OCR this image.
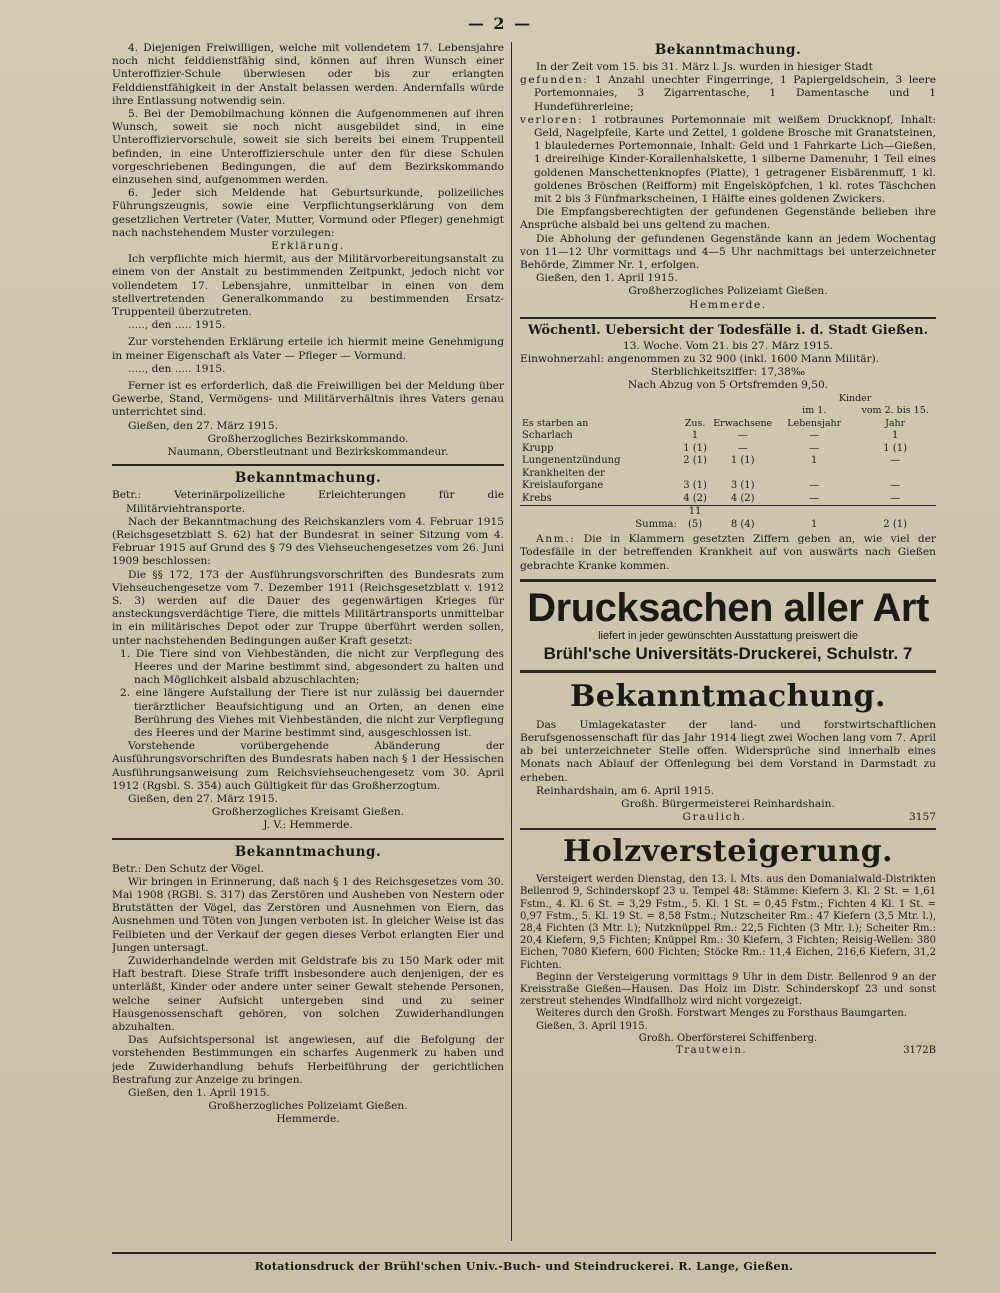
— 2 —

4. Diejenigen Freiwilligen, welche mit vollendetem 17. Lebensjahre noch nicht felddienstfähig sind, können auf ihren Wunsch einer Unteroffizier-Schule überwiesen oder bis zur erlangten Felddienstfähigkeit in der Anstalt belassen werden. Andernfalls würde ihre Entlassung notwendig sein.

5. Bei der Demobilmachung können die Aufgenommenen auf ihren Wunsch, soweit sie noch nicht ausgebildet sind, in eine Unteroffiziervorschule, soweit sie sich bereits bei einem Truppenteil befinden, in eine Unteroffizierschule unter den für diese Schulen vorgeschriebenen Bedingungen, die auf dem Bezirkskommando einzusehen sind, aufgenommen werden.

6. Jeder sich Meldende hat Geburtsurkunde, polizeiliches Führungszeugnis, sowie eine Verpflichtungserklärung von dem gesetzlichen Vertreter (Vater, Mutter, Vormund oder Pfleger) genehmigt nach nachstehendem Muster vorzulegen:

Erklärung.

Ich verpflichte mich hiermit, aus der Militärvorbereitungsanstalt zu einem von der Anstalt zu bestimmenden Zeitpunkt, jedoch nicht vor vollendetem 17. Lebensjahre, unmittelbar in einen von dem stellvertretenden Generalkommando zu bestimmenden Ersatz-Truppenteil überzutreten.

....., den ..... 1915.

Zur vorstehenden Erklärung erteile ich hiermit meine Genehmigung in meiner Eigenschaft als Vater — Pfleger — Vormund.

....., den ..... 1915.

Ferner ist es erforderlich, daß die Freiwilligen bei der Meldung über Gewerbe, Stand, Vermögens- und Militärverhältnis ihres Vaters genau unterrichtet sind.

Gießen, den 27. März 1915.

Großherzogliches Bezirkskommando.

Naumann, Oberstleutnant und Bezirkskommandeur.

Bekanntmachung.

Betr.: Veterinärpolizeiliche Erleichterungen für die Militärviehtransporte.

Nach der Bekanntmachung des Reichskanzlers vom 4. Februar 1915 (Reichsgesetzblatt S. 62) hat der Bundesrat in seiner Sitzung vom 4. Februar 1915 auf Grund des § 79 des Viehseuchengesetzes vom 26. Juni 1909 beschlossen:

Die §§ 172, 173 der Ausführungsvorschriften des Bundesrats zum Viehseuchengesetze vom 7. Dezember 1911 (Reichsgesetzblatt v. 1912 S. 3) werden auf die Dauer des gegenwärtigen Krieges für ansteckungsverdächtige Tiere, die mittels Militärtransports unmittelbar in ein militärisches Depot oder zur Truppe überführt werden sollen, unter nachstehenden Bedingungen außer Kraft gesetzt:

1. Die Tiere sind von Viehbeständen, die nicht zur Verpflegung des Heeres und der Marine bestimmt sind, abgesondert zu halten und nach Möglichkeit alsbald abzuschlachten;

2. eine längere Aufstallung der Tiere ist nur zulässig bei dauernder tierärztlicher Beaufsichtigung und an Orten, an denen eine Berührung des Viehes mit Viehbeständen, die nicht zur Verpflegung des Heeres und der Marine bestimmt sind, ausgeschlossen ist.

Vorstehende vorübergehende Abänderung der Ausführungsvorschriften des Bundesrats haben nach § 1 der Hessischen Ausführungsanweisung zum Reichsviehseuchengesetz vom 30. April 1912 (Rgsbl. S. 354) auch Gültigkeit für das Großherzogtum.

Gießen, den 27. März 1915.

Großherzogliches Kreisamt Gießen.

J. V.: Hemmerde.

Bekanntmachung.

Betr.: Den Schutz der Vögel.

Wir bringen in Erinnerung, daß nach § 1 des Reichsgesetzes vom 30. Mai 1908 (RGBl. S. 317) das Zerstören und Ausheben von Nestern oder Brutstätten der Vögel, das Zerstören und Ausnehmen von Eiern, das Ausnehmen und Töten von Jungen verboten ist. In gleicher Weise ist das Feilbieten und der Verkauf der gegen dieses Verbot erlangten Eier und Jungen untersagt.

Zuwiderhandelnde werden mit Geldstrafe bis zu 150 Mark oder mit Haft bestraft. Diese Strafe trifft insbesondere auch denjenigen, der es unterläßt, Kinder oder andere unter seiner Gewalt stehende Personen, welche seiner Aufsicht untergeben sind und zu seiner Hausgenossenschaft gehören, von solchen Zuwiderhandlungen abzuhalten.

Das Aufsichtspersonal ist angewiesen, auf die Befolgung der vorstehenden Bestimmungen ein scharfes Augenmerk zu haben und jede Zuwiderhandlung behufs Herbeiführung der gerichtlichen Bestrafung zur Anzeige zu bringen.

Gießen, den 1. April 1915.

Großherzogliches Polizeiamt Gießen.

Hemmerde.

Bekanntmachung.

In der Zeit vom 15. bis 31. März l. Js. wurden in hiesiger Stadt

gefunden: 1 Anzahl unechter Fingerringe, 1 Papiergeldschein, 3 leere Portemonnaies, 3 Zigarrentasche, 1 Damentasche und 1 Hundeführerleine;

verloren: 1 rotbraunes Portemonnaie mit weißem Druckknopf, Inhalt: Geld, Nagelpfeile, Karte und Zettel, 1 goldene Brosche mit Granatsteinen, 1 blauledernes Portemonnaie, Inhalt: Geld und 1 Fahrkarte Lich—Gießen, 1 dreireihige Kinder-Korallenhalskette, 1 silberne Damenuhr, 1 Teil eines goldenen Manschettenknopfes (Platte), 1 getragener Eisbärenmuff, 1 kl. goldenes Bröschen (Reifform) mit Engelsköpfchen, 1 kl. rotes Täschchen mit 2 bis 3 Fünfmarkscheinen, 1 Hälfte eines goldenen Zwickers.

Die Empfangsberechtigten der gefundenen Gegenstände belieben ihre Ansprüche alsbald bei uns geltend zu machen.

Die Abholung der gefundenen Gegenstände kann an jedem Wochentag von 11—12 Uhr vormittags und 4—5 Uhr nachmittags bei unterzeichneter Behörde, Zimmer Nr. 1, erfolgen.

Gießen, den 1. April 1915.

Großherzogliches Polizeiamt Gießen.

Hemmerde.

Wöchentl. Uebersicht der Todesfälle i. d. Stadt Gießen.

13. Woche. Vom 21. bis 27. März 1915.

Einwohnerzahl: angenommen zu 32 900 (inkl. 1600 Mann Militär).

Sterblichkeitsziffer: 17,38‰

Nach Abzug von 5 Ortsfremden 9,50.

Es starben an	Zus.	Erwachsene	Kinder	
			im 1. Lebensjahr	vom 2. bis 15. Jahr
Scharlach	1	—	—	1
Krupp	1 (1)	—	—	1 (1)
Lungenentzündung	2 (1)	1 (1)	1	—
Krankheiten der Kreislauforgane	3 (1)	3 (1)	—	—
Krebs	4 (2)	4 (2)	—	—
Summa:	11 (5)	8 (4)	1	2 (1)

Anm.: Die in Klammern gesetzten Ziffern geben an, wie viel der Todesfälle in der betreffenden Krankheit auf von auswärts nach Gießen gebrachte Kranke kommen.

Drucksachen aller Art
liefert in jeder gewünschten Ausstattung preiswert die
Brühl'sche Universitäts-Druckerei, Schulstr. 7
Bekanntmachung.

Das Umlagekataster der land- und forstwirtschaftlichen Berufsgenossenschaft für das Jahr 1914 liegt zwei Wochen lang vom 7. April ab bei unterzeichneter Stelle offen. Widersprüche sind innerhalb eines Monats nach Ablauf der Offenlegung bei dem Vorstand in Darmstadt zu erheben.

Reinhardshain, am 6. April 1915.

Großh. Bürgermeisterei Reinhardshain.

Graulich.	3157
Holzversteigerung.

Versteigert werden Dienstag, den 13. l. Mts. aus den Domanialwald-Distrikten Bellenrod 9, Schinderskopf 23 u. Tempel 48: Stämme: Kiefern 3. Kl. 2 St. = 1,61 Fstm., 4. Kl. 6 St. = 3,29 Fstm., 5. Kl. 1 St. = 0,45 Fstm.; Fichten 4 Kl. 1 St. = 0,97 Fstm., 5. Kl. 19 St. = 8,58 Fstm.; Nutzscheiter Rm.: 47 Kiefern (3,5 Mtr. l.), 28,4 Fichten (3 Mtr. l.); Nutzknüppel Rm.: 22,5 Fichten (3 Mtr. l.); Scheiter Rm.: 20,4 Kiefern, 9,5 Fichten; Knüppel Rm.: 30 Kiefern, 3 Fichten; Reisig-Wellen: 380 Eichen, 7080 Kiefern, 600 Fichten; Stöcke Rm.: 11,4 Eichen, 216,6 Kiefern, 31,2 Fichten.

Beginn der Versteigerung vormittags 9 Uhr in dem Distr. Bellenrod 9 an der Kreisstraße Gießen—Hausen. Das Holz im Distr. Schinderskopf 23 und sonst zerstreut stehendes Windfallholz wird nicht vorgezeigt.

Weiteres durch den Großh. Forstwart Menges zu Forsthaus Baumgarten.

Gießen, 3. April 1915.

Großh. Oberförsterei Schiffenberg.

Trautwein.	3172B
Rotationsdruck der Brühl'schen Univ.-Buch- und Steindruckerei. R. Lange, Gießen.
